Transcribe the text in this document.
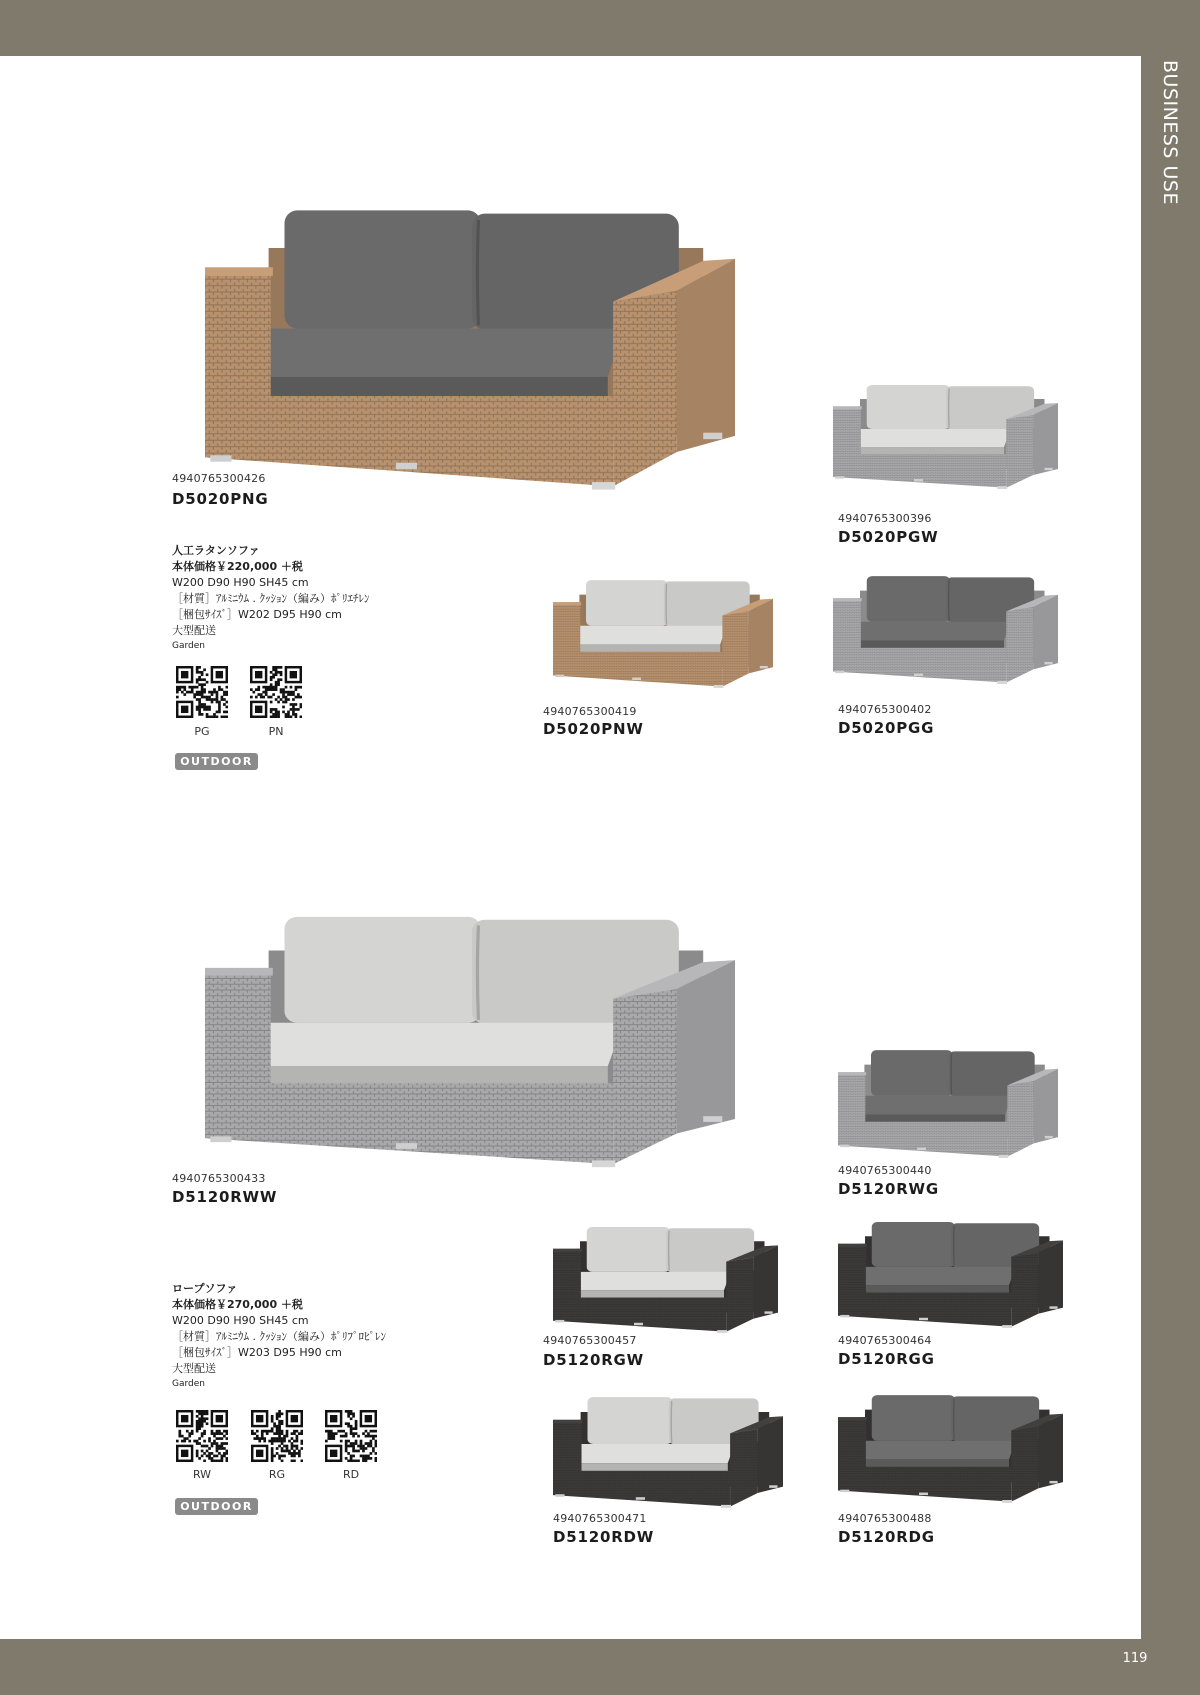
BUSINESS USE
119
4940765300426
D5020PNG
4940765300396
D5020PGW
4940765300419
D5020PNW
4940765300402
D5020PGG
4940765300433
D5120RWW
4940765300440
D5120RWG
4940765300457
D5120RGW
4940765300464
D5120RGG
4940765300471
D5120RDW
4940765300488
D5120RDG
人工ラタンソファ
本体価格￥220,000 ＋税
W200 D90 H90 SH45 cm
［材質］ｱﾙﾐﾆｳﾑ . ｸｯｼｮﾝ（編み）ﾎﾟﾘｴﾁﾚﾝ
［梱包ｻｲｽﾞ］W202 D95 H90 cm
大型配送
Garden
PG	PN
OUTDOOR
ロープソファ
本体価格￥270,000 ＋税
W200 D90 H90 SH45 cm
［材質］ｱﾙﾐﾆｳﾑ . ｸｯｼｮﾝ（編み）ﾎﾟﾘﾌﾟﾛﾋﾟﾚﾝ
［梱包ｻｲｽﾞ］W203 D95 H90 cm
大型配送
Garden
RW	RG	RD
OUTDOOR
